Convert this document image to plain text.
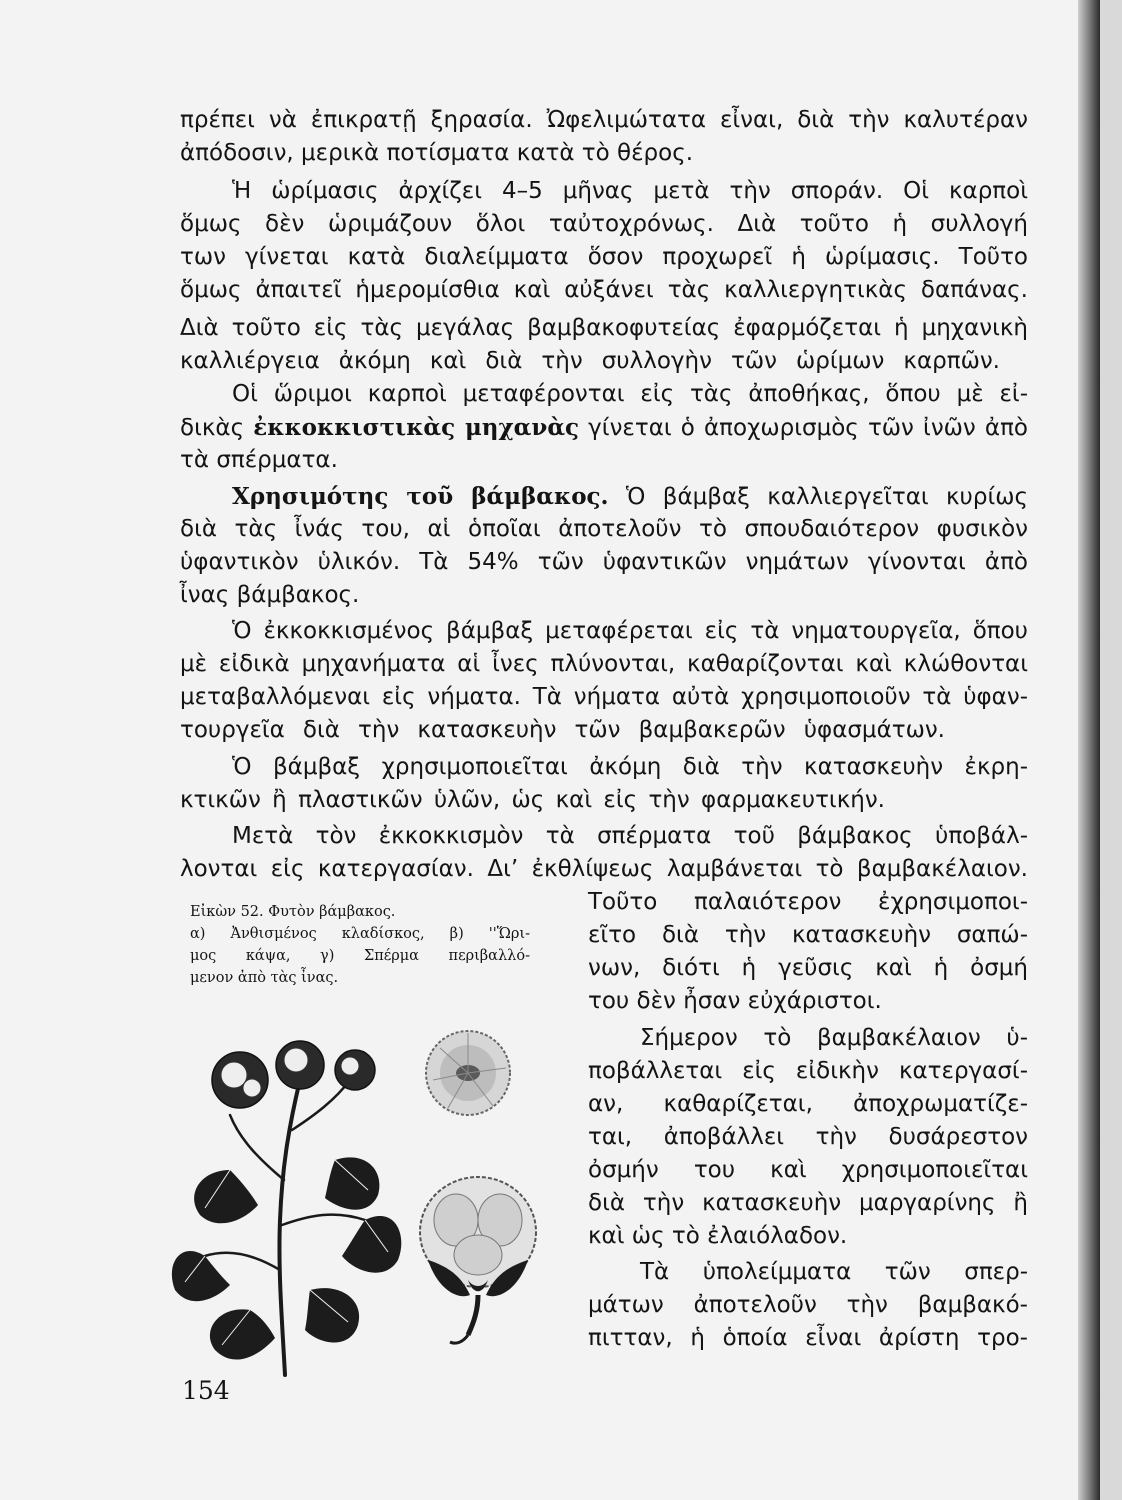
πρέπει νὰ ἐπικρατῇ ξηρασία. Ὠφελιμώτατα εἶναι, διὰ τὴν καλυτέραν
ἀπόδοσιν, μερικὰ ποτίσματα κατὰ τὸ θέρος.
Ἡ ὡρίμασις ἀρχίζει 4–5 μῆνας μετὰ τὴν σποράν. Οἱ καρποὶ
ὅμως δὲν ὡριμάζουν ὅλοι ταὐτοχρόνως. Διὰ τοῦτο ἡ συλλογή
των γίνεται κατὰ διαλείμματα ὅσον προχωρεῖ ἡ ὡρίμασις. Τοῦτο
ὅμως ἀπαιτεῖ ἡμερομίσθια καὶ αὐξάνει τὰς καλλιεργητικὰς δαπάνας.
Διὰ τοῦτο εἰς τὰς μεγάλας βαμβακοφυτείας ἐφαρμόζεται ἡ μηχανικὴ
καλλιέργεια ἀκόμη καὶ διὰ τὴν συλλογὴν τῶν ὡρίμων καρπῶν.
Οἱ ὥριμοι καρποὶ μεταφέρονται εἰς τὰς ἀποθήκας, ὅπου μὲ εἰ-
δικὰς ἐκκοκκιστικὰς μηχανὰς γίνεται ὁ ἀποχωρισμὸς τῶν ἰνῶν ἀπὸ
τὰ σπέρματα.
Χρησιμότης τοῦ βάμβακος. Ὁ βάμβαξ καλλιεργεῖται κυρίως
διὰ τὰς ἶνάς του, αἱ ὁποῖαι ἀποτελοῦν τὸ σπουδαιότερον φυσικὸν
ὑφαντικὸν ὑλικόν. Τὰ 54% τῶν ὑφαντικῶν νημάτων γίνονται ἀπὸ
ἶνας βάμβακος.
Ὁ ἐκκοκκισμένος βάμβαξ μεταφέρεται εἰς τὰ νηματουργεῖα, ὅπου
μὲ εἰδικὰ μηχανήματα αἱ ἶνες πλύνονται, καθαρίζονται καὶ κλώθονται
μεταβαλλόμεναι εἰς νήματα. Τὰ νήματα αὐτὰ χρησιμοποιοῦν τὰ ὑφαν-
τουργεῖα διὰ τὴν κατασκευὴν τῶν βαμβακερῶν ὑφασμάτων.
Ὁ βάμβαξ χρησιμοποιεῖται ἀκόμη διὰ τὴν κατασκευὴν ἐκρη-
κτικῶν ἢ πλαστικῶν ὑλῶν, ὡς καὶ εἰς τὴν φαρμακευτικήν.
Μετὰ τὸν ἐκκοκκισμὸν τὰ σπέρματα τοῦ βάμβακος ὑποβάλ-
λονται εἰς κατεργασίαν. Δι’ ἐκθλίψεως λαμβάνεται τὸ βαμβακέλαιον.
Τοῦτο παλαιότερον ἐχρησιμοποι-
εῖτο διὰ τὴν κατασκευὴν σαπώ-
νων, διότι ἡ γεῦσις καὶ ἡ ὀσμή
του δὲν ἦσαν εὐχάριστοι.
Σήμερον τὸ βαμβακέλαιον ὑ-
ποβάλλεται εἰς εἰδικὴν κατεργασί-
αν, καθαρίζεται, ἀποχρωματίζε-
ται, ἀποβάλλει τὴν δυσάρεστον
ὀσμήν του καὶ χρησιμοποιεῖται
διὰ τὴν κατασκευὴν μαργαρίνης ἢ
καὶ ὡς τὸ ἐλαιόλαδον.
Τὰ ὑπολείμματα τῶν σπερ-
μάτων ἀποτελοῦν τὴν βαμβακό-
πιτταν, ἡ ὁποία εἶναι ἀρίστη τρο-
Εἰκὼν 52. Φυτὸν βάμβακος.
α) Ἀνθισμένος κλαδίσκος, β) ''Ὥρι-
μος κάψα, γ) Σπέρμα περιβαλλό-
μενον ἀπὸ τὰς ἶνας.
154
